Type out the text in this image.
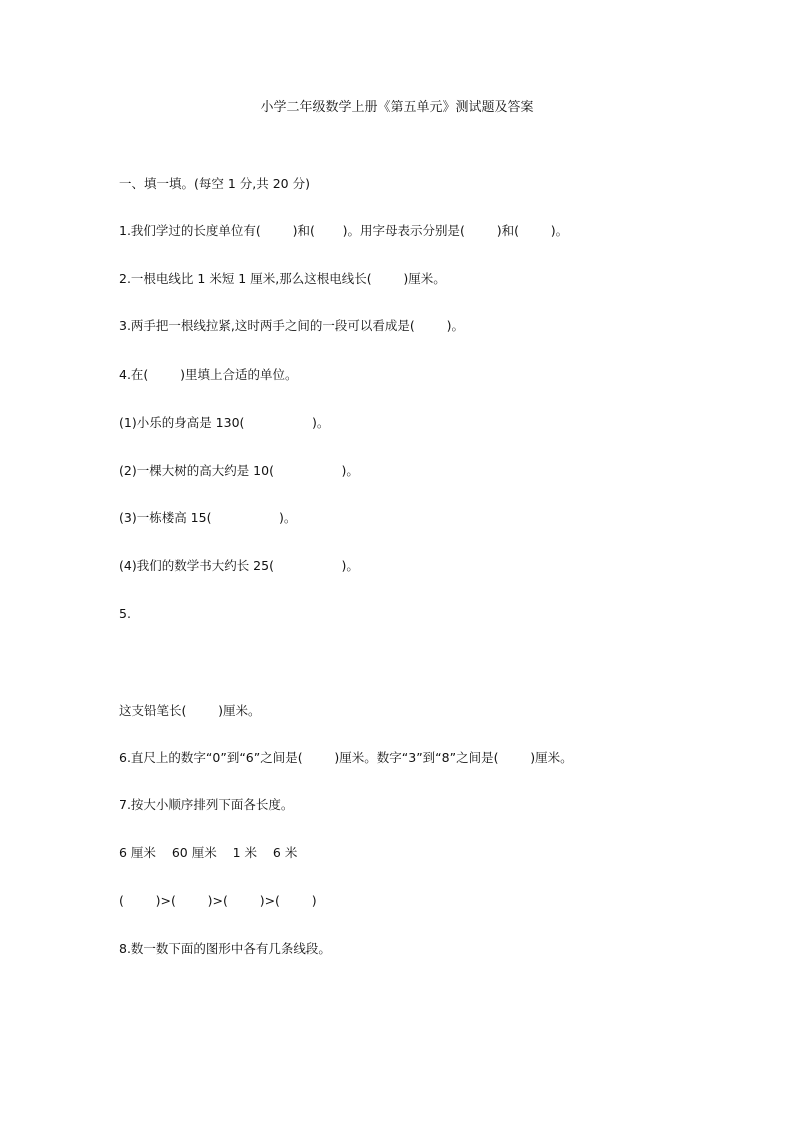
小学二年级数学上册《第五单元》测试题及答案
一、填一填。(每空 1 分,共 20 分)
1.我们学过的长度单位有(        )和(       )。用字母表示分别是(        )和(        )。
2.一根电线比 1 米短 1 厘米,那么这根电线长(        )厘米。
3.两手把一根线拉紧,这时两手之间的一段可以看成是(        )。
4.在(        )里填上合适的单位。
(1)小乐的身高是 130(                 )。
(2)一棵大树的高大约是 10(                 )。
(3)一栋楼高 15(                 )。
(4)我们的数学书大约长 25(                 )。
5.
这支铅笔长(        )厘米。
6.直尺上的数字“0”到“6”之间是(        )厘米。数字“3”到“8”之间是(        )厘米。
7.按大小顺序排列下面各长度。
6 厘米    60 厘米    1 米    6 米
(        )>(        )>(        )>(        )
8.数一数下面的图形中各有几条线段。
